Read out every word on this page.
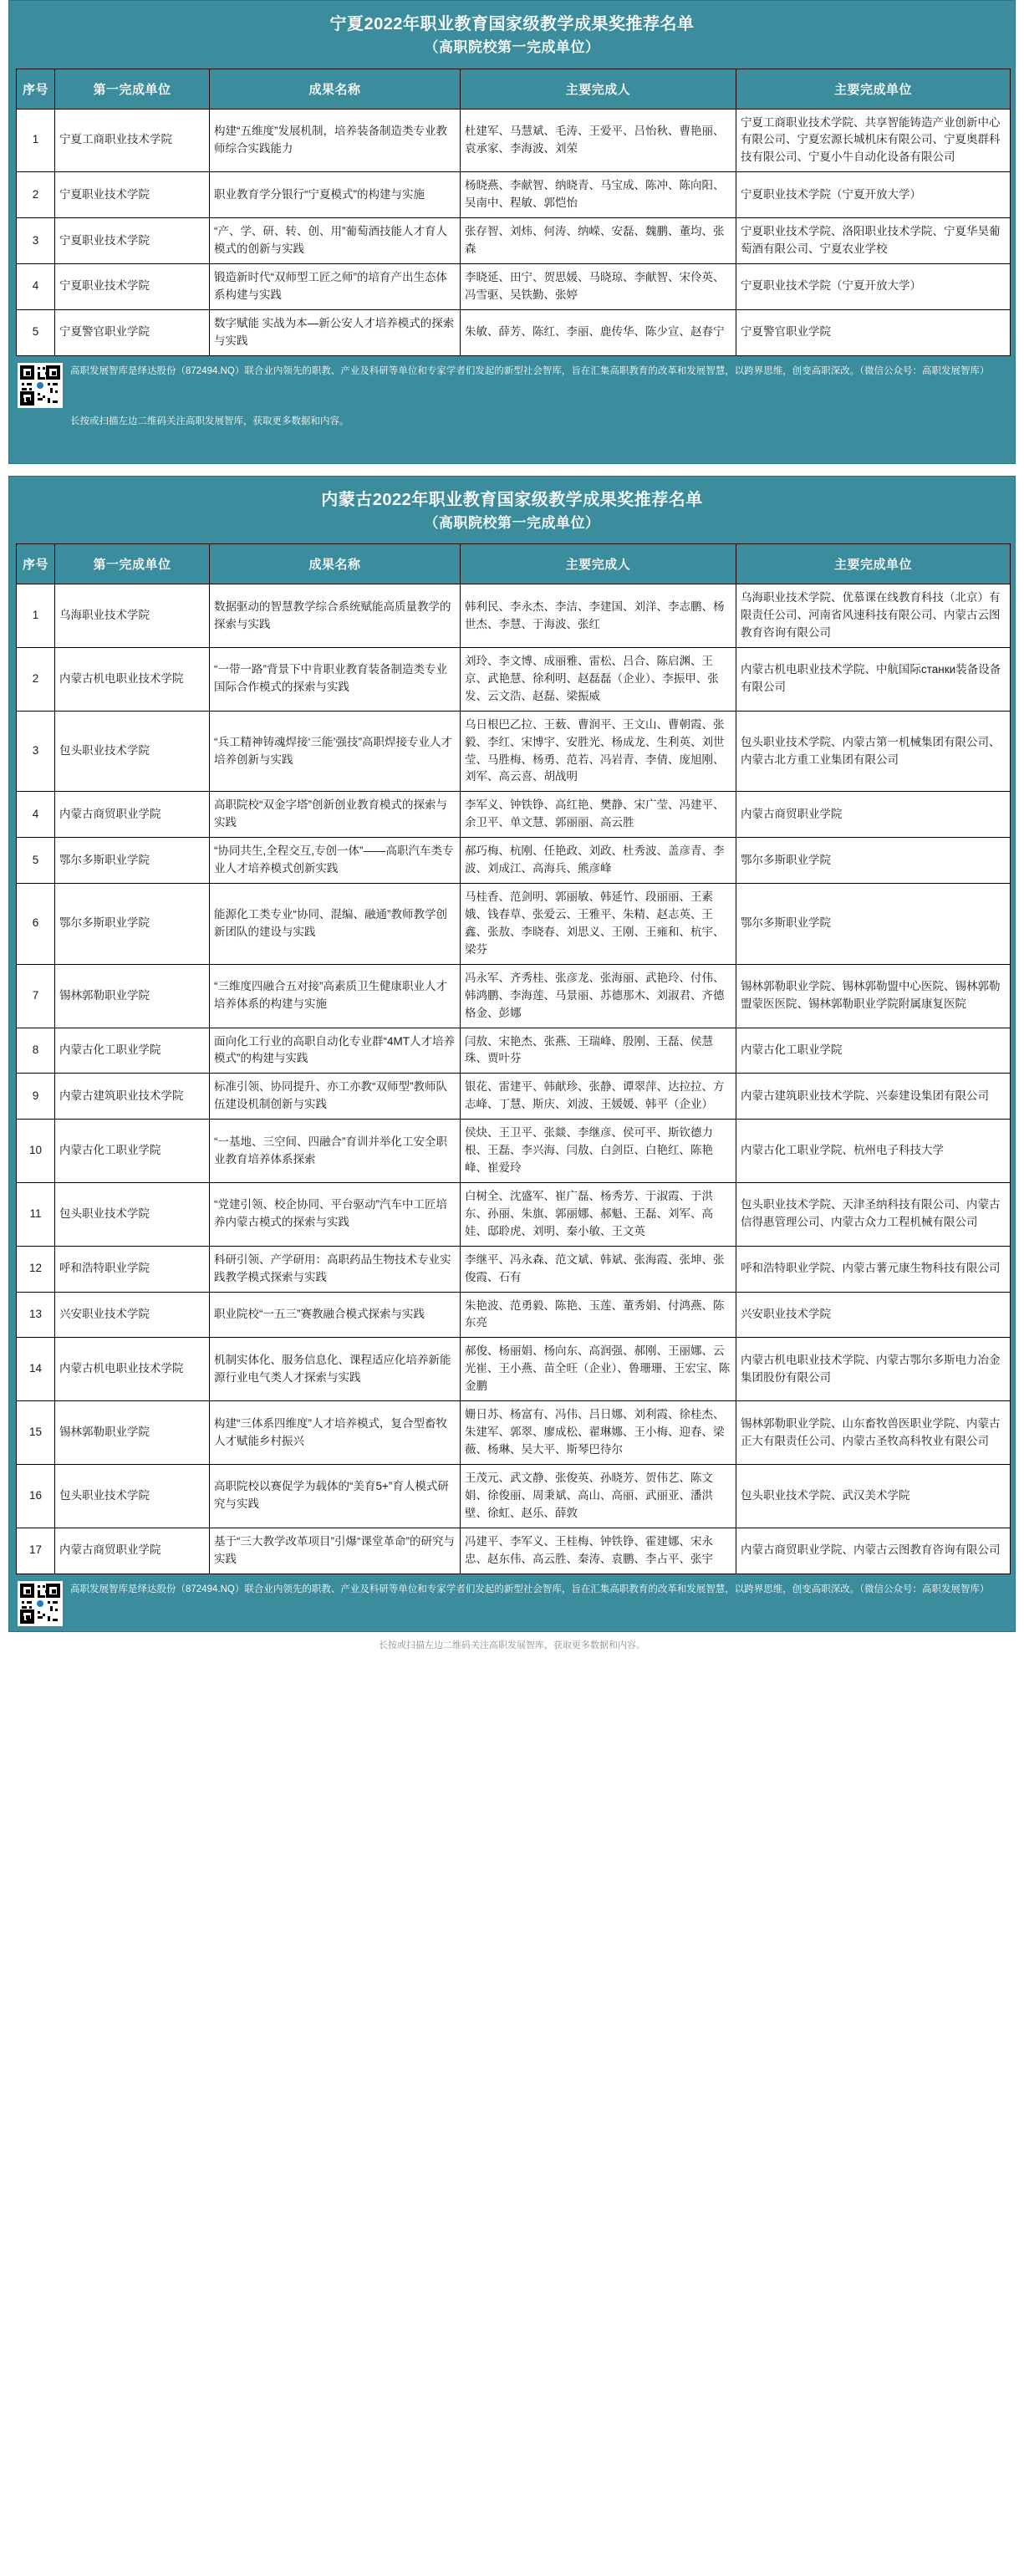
宁夏2022年职业教育国家级教学成果奖推荐名单
（高职院校第一完成单位）
序号	第一完成单位	成果名称	主要完成人	主要完成单位
1	宁夏工商职业技术学院	构建“五维度”发展机制，培养装备制造类专业教师综合实践能力	杜建军、马慧斌、毛涛、王爱平、吕怡秋、曹艳丽、袁承家、李海波、刘荣	宁夏工商职业技术学院、共享智能铸造产业创新中心有限公司、宁夏宏源长城机床有限公司、宁夏奥群科技有限公司、宁夏小牛自动化设备有限公司
2	宁夏职业技术学院	职业教育学分银行“宁夏模式”的构建与实施	杨晓燕、李献智、纳晓青、马宝成、陈冲、陈向阳、吴南中、程敏、郭恺怡	宁夏职业技术学院（宁夏开放大学）
3	宁夏职业技术学院	“产、学、研、转、创、用”葡萄酒技能人才育人模式的创新与实践	张存智、刘炜、何涛、纳嵘、安磊、魏鹏、董均、张森	宁夏职业技术学院、洛阳职业技术学院、宁夏华昊葡萄酒有限公司、宁夏农业学校
4	宁夏职业技术学院	锻造新时代“双师型工匠之师”的培育产出生态体系构建与实践	李晓延、田宁、贺思媛、马晓琼、李献智、宋伶英、冯雪驱、吴铁勤、张婷	宁夏职业技术学院（宁夏开放大学）
5	宁夏警官职业学院	数字赋能 实战为本—新公安人才培养模式的探索与实践	朱敏、薛芳、陈红、李丽、鹿传华、陈少宣、赵春宁	宁夏警官职业学院
高职发展智库是绎达股份（872494.NQ）联合业内领先的职教、产业及科研等单位和专家学者们发起的新型社会智库，旨在汇集高职教育的改革和发展智慧，以跨界思维，创变高职深改。（微信公众号：高职发展智库）
长按或扫描左边二维码关注高职发展智库，获取更多数据和内容。
内蒙古2022年职业教育国家级教学成果奖推荐名单
（高职院校第一完成单位）
序号	第一完成单位	成果名称	主要完成人	主要完成单位
1	乌海职业技术学院	数据驱动的智慧教学综合系统赋能高质量教学的探索与实践	韩利民、李永杰、李洁、李建国、刘洋、李志鹏、杨世杰、李慧、于海波、张红	乌海职业技术学院、优慕课在线教育科技（北京）有限责任公司、河南省风速科技有限公司、内蒙古云图教育咨询有限公司
2	内蒙古机电职业技术学院	“一带一路”背景下中肯职业教育装备制造类专业国际合作模式的探索与实践	刘玲、李文博、成丽雅、雷松、吕合、陈启渊、王京、武艳慧、徐利明、赵磊磊（企业）、李振甲、张发、云文浩、赵磊、梁振威	内蒙古机电职业技术学院、中航国际станки装备设备有限公司
3	包头职业技术学院	“兵工精神铸魂焊接‘三能’强技”高职焊接专业人才培养创新与实践	乌日根巴乙拉、王薮、曹润平、王文山、曹朝霞、张毅、李红、宋博宇、安胜光、杨成龙、生利英、刘世莹、马胜梅、杨勇、范若、冯岩青、李倩、庞旭刚、刘军、高云喜、胡战明	包头职业技术学院、内蒙古第一机械集团有限公司、内蒙古北方重工业集团有限公司
4	内蒙古商贸职业学院	高职院校“双金字塔”创新创业教育模式的探索与实践	李军义、钟铁铮、高红艳、樊静、宋广莹、冯建平、余卫平、单文慧、郭丽丽、高云胜	内蒙古商贸职业学院
5	鄂尔多斯职业学院	“协同共生,全程交互,专创一体”——高职汽车类专业人才培养模式创新实践	郝巧梅、杭刚、任艳政、刘政、杜秀波、盖彦青、李波、刘成江、高海兵、熊彦峰	鄂尔多斯职业学院
6	鄂尔多斯职业学院	能源化工类专业“协同、混编、融通”教师教学创新团队的建设与实践	马桂香、范剑明、郭丽敏、韩延竹、段丽丽、王素娥、钱春草、张爱云、王雅平、朱精、赵志英、王鑫、张敖、李晓春、刘思义、王刚、王雍和、杭宇、梁芬	鄂尔多斯职业学院
7	锡林郭勒职业学院	“三维度四融合五对接”高素质卫生健康职业人才培养体系的构建与实施	冯永军、齐秀桂、张彦龙、张海丽、武艳玲、付伟、韩鸿鹏、李海莲、马景丽、苏德那木、刘淑君、齐德格金、彭娜	锡林郭勒职业学院、锡林郭勒盟中心医院、锡林郭勒盟蒙医医院、锡林郭勒职业学院附属康复医院
8	内蒙古化工职业学院	面向化工行业的高职自动化专业群“4MT人才培养模式”的构建与实践	闫敖、宋艳杰、张燕、王瑞峰、殷刚、王磊、侯慧珠、贾叶芬	内蒙古化工职业学院
9	内蒙古建筑职业技术学院	标准引领、协同提升、亦工亦教“双师型”教师队伍建设机制创新与实践	银花、雷建平、韩献珍、张静、谭翠萍、达拉拉、方志峰、丁慧、斯庆、刘波、王媛媛、韩平（企业）	内蒙古建筑职业技术学院、兴泰建设集团有限公司
10	内蒙古化工职业学院	“一基地、三空间、四融合”育训并举化工安全职业教育培养体系探索	侯炔、王卫平、张燚、李继彦、侯可平、斯钦德力根、王磊、李兴海、闫敖、白剑臣、白艳红、陈艳峰、崔爱玲	内蒙古化工职业学院、杭州电子科技大学
11	包头职业技术学院	“党建引领、校企协同、平台驱动”汽车中工匠培养内蒙古模式的探索与实践	白树全、沈盛军、崔广磊、杨秀芳、于淑霞、于洪东、孙丽、朱旗、郭丽娜、郝魁、王磊、刘军、高娃、邸聆虎、刘明、秦小敏、王文英	包头职业技术学院、天津圣纳科技有限公司、内蒙古信得惠管理公司、内蒙古众力工程机械有限公司
12	呼和浩特职业学院	科研引领、产学研用：高职药品生物技术专业实践教学模式探索与实践	李继平、冯永森、范文斌、韩斌、张海霞、张坤、张俊霞、石有	呼和浩特职业学院、内蒙古薯元康生物科技有限公司
13	兴安职业技术学院	职业院校“一五三”赛教融合模式探索与实践	朱艳波、范勇毅、陈艳、玉莲、董秀娟、付鸿燕、陈东亮	兴安职业技术学院
14	内蒙古机电职业技术学院	机制实体化、服务信息化、课程适应化培养新能源行业电气类人才探索与实践	郝俊、杨丽娟、杨向东、高润强、郝刚、王丽娜、云光崔、王小燕、苗全旺（企业）、鲁珊珊、王宏宝、陈金鹏	内蒙古机电职业技术学院、内蒙古鄂尔多斯电力冶金集团股份有限公司
15	锡林郭勒职业学院	构建“三体系四维度”人才培养模式，复合型畜牧人才赋能乡村振兴	姗日苏、杨富有、冯伟、吕日娜、刘利霞、徐桂杰、朱建军、郭翠、廖成松、翟琳娜、王小梅、迎春、梁薇、杨琳、吴大平、斯琴巴待尔	锡林郭勒职业学院、山东畜牧兽医职业学院、内蒙古正大有限责任公司、内蒙古圣牧高科牧业有限公司
16	包头职业技术学院	高职院校以赛促学为载体的“美育5+”育人模式研究与实践	王茂元、武文静、张俊英、孙晓芳、贺伟艺、陈文娟、徐俊丽、周秉斌、高山、高丽、武丽亚、潘洪壁、徐虹、赵乐、薛敦	包头职业技术学院、武汉美术学院
17	内蒙古商贸职业学院	基于“三大教学改革项目”引爆“课堂革命”的研究与实践	冯建平、李军义、王桂梅、钟铁铮、霍建娜、宋永忠、赵东伟、高云胜、秦涛、袁鹏、李占平、张宇	内蒙古商贸职业学院、内蒙古云图教育咨询有限公司
高职发展智库是绎达股份（872494.NQ）联合业内领先的职教、产业及科研等单位和专家学者们发起的新型社会智库，旨在汇集高职教育的改革和发展智慧，以跨界思维，创变高职深改。（微信公众号：高职发展智库）
长按或扫描左边二维码关注高职发展智库，获取更多数据和内容。
